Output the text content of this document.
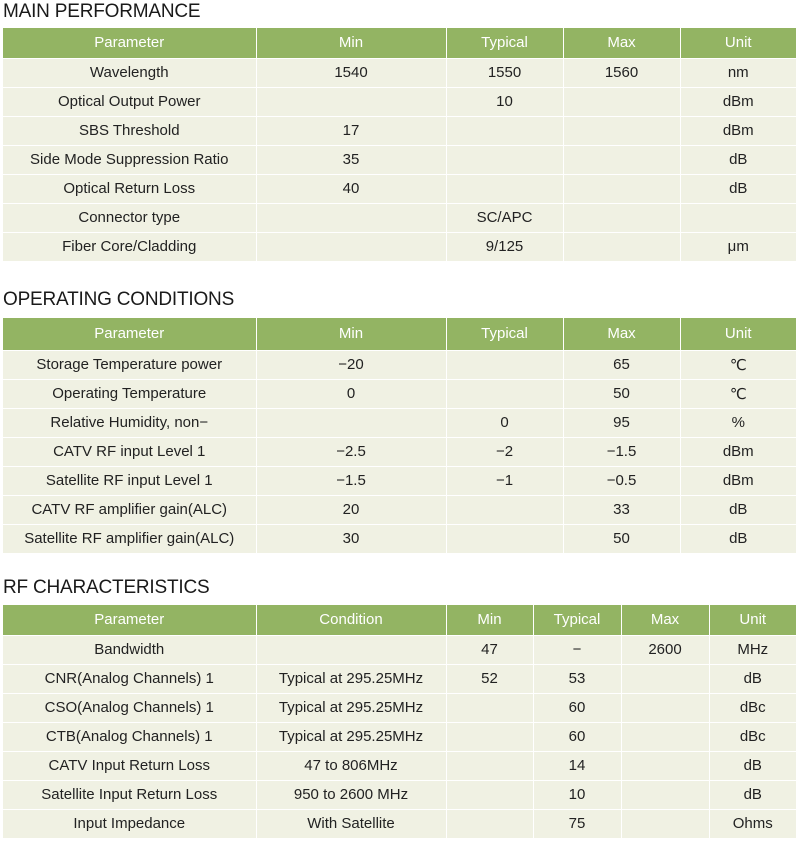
MAIN PERFORMANCE
Parameter	Min	Typical	Max	Unit
Wavelength	1540	1550	1560	nm
Optical Output Power		10		dBm
SBS Threshold	17			dBm
Side Mode Suppression Ratio	35			dB
Optical Return Loss	40			dB
Connector type		SC/APC		
Fiber Core/Cladding		9/125		μm
OPERATING CONDITIONS
Parameter	Min	Typical	Max	Unit
Storage Temperature power	−20		65	℃
Operating Temperature	0		50	℃
Relative Humidity, non−		0	95	%
CATV RF input Level 1	−2.5	−2	−1.5	dBm
Satellite RF input Level 1	−1.5	−1	−0.5	dBm
CATV RF amplifier gain(ALC)	20		33	dB
Satellite RF amplifier gain(ALC)	30		50	dB
RF CHARACTERISTICS
Parameter	Condition	Min	Typical	Max	Unit
Bandwidth		47	−	2600	MHz
CNR(Analog Channels) 1	Typical at 295.25MHz	52	53		dB
CSO(Analog Channels) 1	Typical at 295.25MHz		60		dBc
CTB(Analog Channels) 1	Typical at 295.25MHz		60		dBc
CATV Input Return Loss	47 to 806MHz		14		dB
Satellite Input Return Loss	950 to 2600 MHz		10		dB
Input Impedance	With Satellite		75		Ohms
